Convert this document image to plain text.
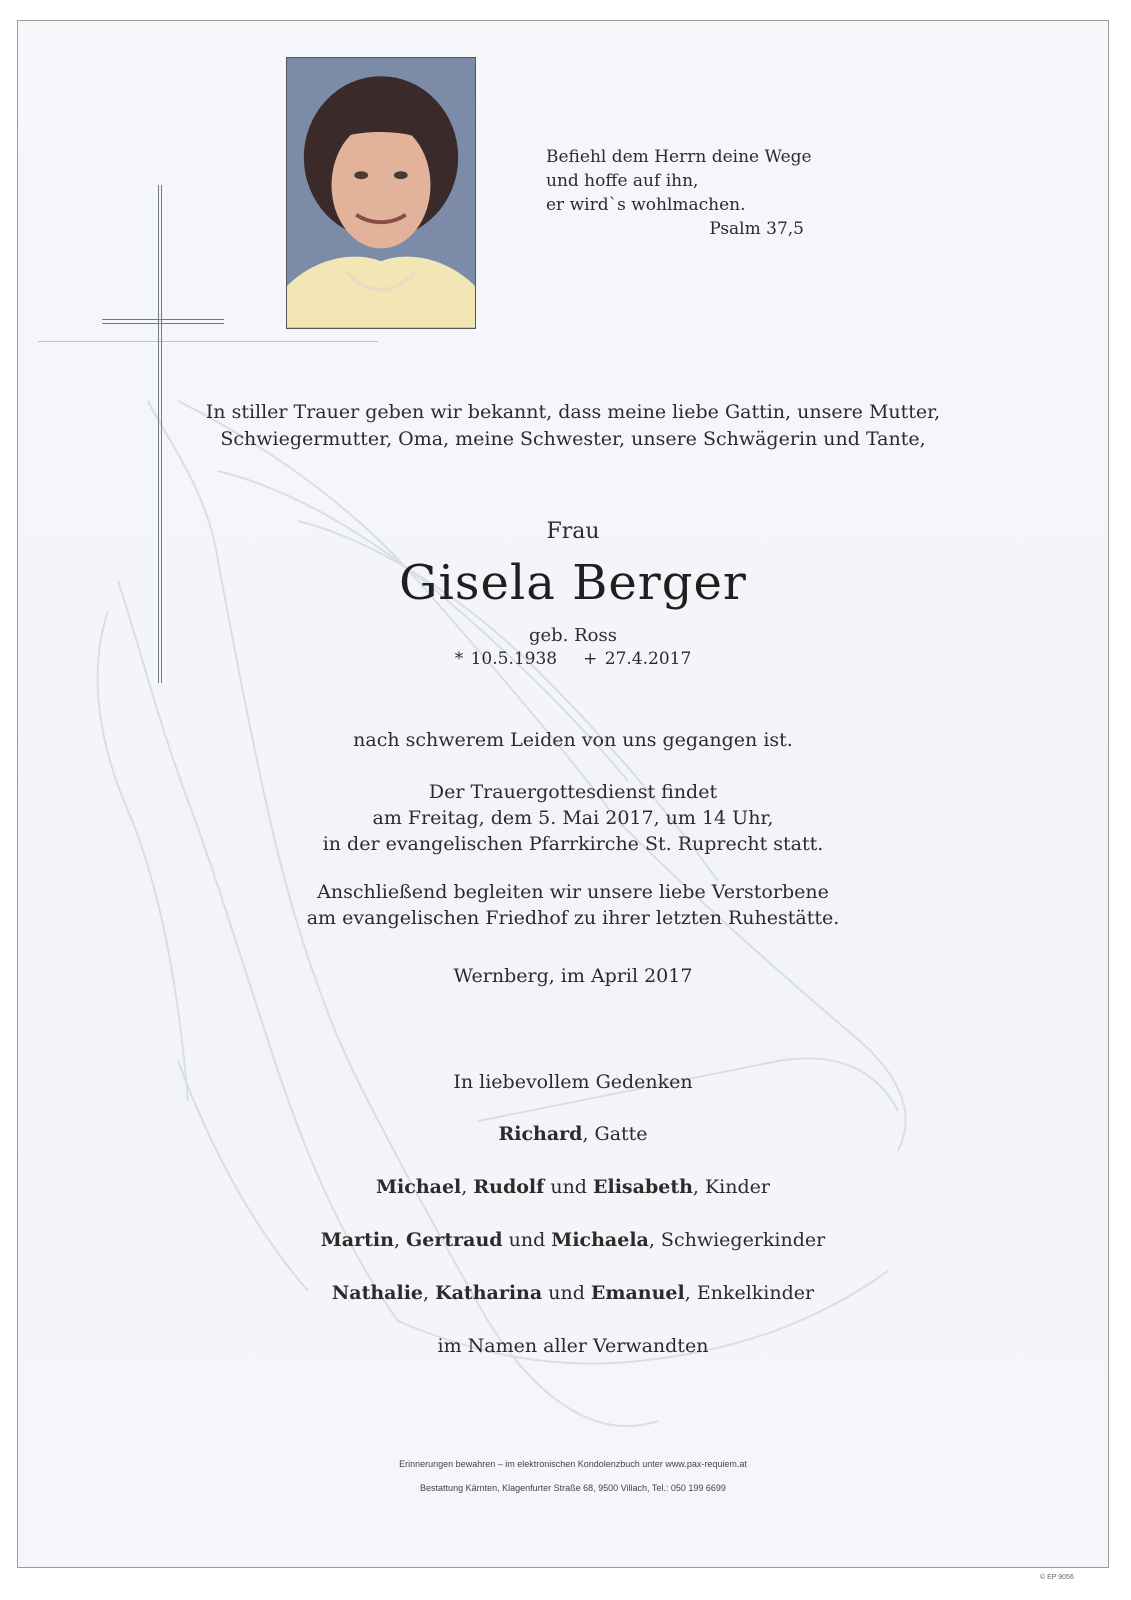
Befiehl dem Herrn deine Wege
und hoffe auf ihn,
er wird`s wohlmachen.
Psalm 37,5
In stiller Trauer geben wir bekannt, dass meine liebe Gattin, unsere Mutter,
Schwiegermutter, Oma, meine Schwester, unsere Schwägerin und Tante,
Frau
Gisela Berger
geb. Ross
* 10.5.1938 + 27.4.2017
nach schwerem Leiden von uns gegangen ist.
Der Trauergottesdienst findet
am Freitag, dem 5. Mai 2017, um 14 Uhr,
in der evangelischen Pfarrkirche St. Ruprecht statt.
Anschließend begleiten wir unsere liebe Verstorbene
am evangelischen Friedhof zu ihrer letzten Ruhestätte.
Wernberg, im April 2017
In liebevollem Gedenken
Richard, Gatte
Michael, Rudolf und Elisabeth, Kinder
Martin, Gertraud und Michaela, Schwiegerkinder
Nathalie, Katharina und Emanuel, Enkelkinder
im Namen aller Verwandten
Erinnerungen bewahren – im elektronischen Kondolenzbuch unter www.pax-requiem.at
Bestattung Kärnten, Klagenfurter Straße 68, 9500 Villach, Tel.: 050 199 6699
© EP 9056
